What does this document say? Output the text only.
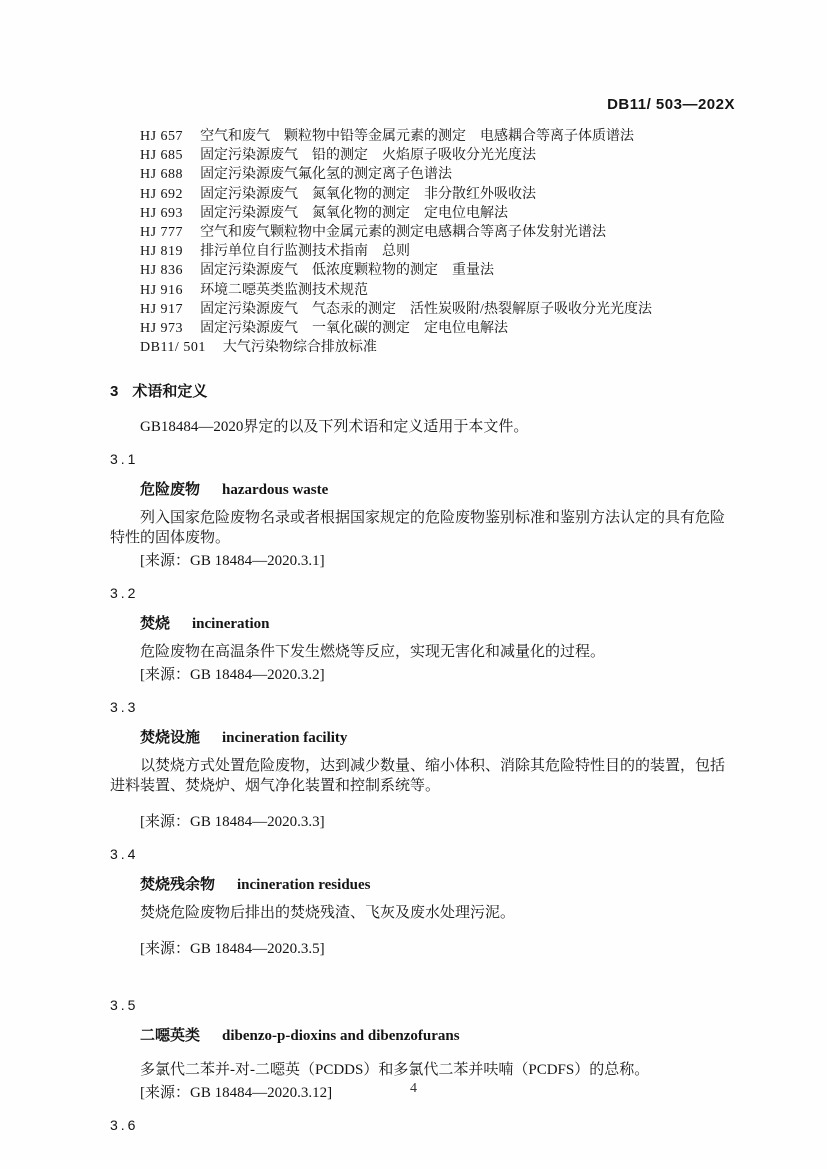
DB11/ 503—202X
HJ 657 空气和废气　颗粒物中铅等金属元素的测定　电感耦合等离子体质谱法
HJ 685 固定污染源废气　铅的测定　火焰原子吸收分光光度法
HJ 688 固定污染源废气氟化氢的测定离子色谱法
HJ 692 固定污染源废气　氮氧化物的测定　非分散红外吸收法
HJ 693 固定污染源废气　氮氧化物的测定　定电位电解法
HJ 777 空气和废气颗粒物中金属元素的测定电感耦合等离子体发射光谱法
HJ 819 排污单位自行监测技术指南　总则
HJ 836 固定污染源废气　低浓度颗粒物的测定　重量法
HJ 916 环境二噁英类监测技术规范
HJ 917 固定污染源废气　气态汞的测定　活性炭吸附/热裂解原子吸收分光光度法
HJ 973 固定污染源废气　一氧化碳的测定　定电位电解法
DB11/ 501 大气污染物综合排放标准
3 术语和定义

GB18484—2020界定的以及下列术语和定义适用于本文件。

3.1
危险废物 hazardous waste

列入国家危险废物名录或者根据国家规定的危险废物鉴别标准和鉴别方法认定的具有危险特性的固体废物。

[来源：GB 18484—2020.3.1]

3.2
焚烧 incineration

危险废物在高温条件下发生燃烧等反应，实现无害化和减量化的过程。

[来源：GB 18484—2020.3.2]

3.3
焚烧设施 incineration facility

以焚烧方式处置危险废物，达到减少数量、缩小体积、消除其危险特性目的的装置，包括进料装置、焚烧炉、烟气净化装置和控制系统等。

[来源：GB 18484—2020.3.3]

3.4
焚烧残余物 incineration residues

焚烧危险废物后排出的焚烧残渣、飞灰及废水处理污泥。

[来源：GB 18484—2020.3.5]

3.5
二噁英类 dibenzo-p-dioxins and dibenzofurans

多氯代二苯并-对-二噁英（PCDDS）和多氯代二苯并呋喃（PCDFS）的总称。

[来源：GB 18484—2020.3.12]

3.6
4
